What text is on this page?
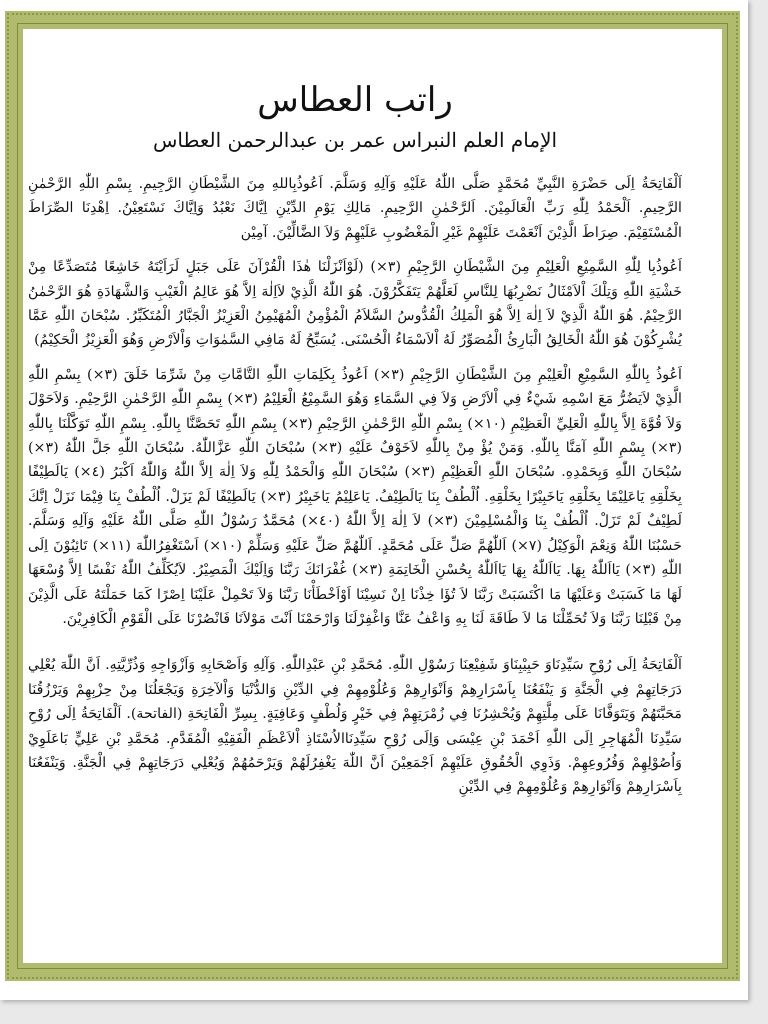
راتب العطاس
الإمام العلم النبراس عمر بن عبدالرحمن العطاس

اَلْفَاتِحَةُ اِلَى حَضْرَةِ النَّبِيِّ مُحَمَّدٍ صَلَّى اللّٰهُ عَلَيْهِ وَآلِهِ وَسَلَّمَ. اَعُوذُبِاللهِ مِنَ الشَّيْطَانِ الرَّجِيمِ. بِسْمِ اللّٰهِ الرَّحْمٰنِ الرَّحِيمِ. اَلْحَمْدُ لِلّٰهِ رَبِّ الْعَالَمِيْنَ. اَلرَّحْمٰنِ الرَّحِيمِ. مَالِكِ يَوْمِ الدِّيْنِ اِيَّاكَ نَعْبُدُ وَاِيَّاكَ نَسْتَعِيْنُ. اِهْدِنَا الصِّرَاطَ الْمُسْتَقِيْمَ. صِرَاطَ الَّذِيْنَ اَنْعَمْتَ عَلَيْهِمْ غَيْرِ الْمَغْضُوبِ عَلَيْهِمْ وَلاَ الضَّالِّيْنَ. آمِيْن

اَعُوذُبِا لِلّٰهِ السَّمِيْعِ الْعَلِيْمِ مِنَ الشَّيْطَانِ الرَّجِيْمِ (٣×) (لَوْاَنْزَلْنَا هٰذَا الْقُرْآنَ عَلَى جَبَلٍ لَرَاَيْتَهُ خَاشِعًا مُتَصَدِّعًا مِنْ خَشْيَةِ اللّٰهِ وَتِلْكَ اْلاَمْثَالُ نَضْرِبُهَا لِلنَّاسِ لَعَلَّهُمْ يَتَفَكَّرُوْنَ. هُوَ اللّٰهُ الَّذِيْ لاَاِلٰهَ اِلاَّ هُوَ عَالِمُ الْغَيْبِ وَالشَّهَادَةِ هُوَ الرَّحْمٰنُ الرَّحِيْمُ. هُوَ اللّٰهُ الَّذِيْ لاَ اِلٰهَ اِلاَّ هُوَ الْمَلِكُ الْقُدُّوسُ السَّلاَمُ الْمُؤْمِنُ الْمُهَيْمِنُ الْعَزِيْزُ الْجَبَّارُ الْمُتَكَبِّرُ. سُبْحَانَ اللّٰهِ عَمَّا يُشْرِكُوْنَ هُوَ اللّٰهُ الْخَالِقُ الْبَارِئُ الْمُصَوِّرُ لَهُ اْلاَسْمَاءُ الْحُسْنَى. يُسَبِّحُ لَهُ مَافِي السَّمٰوَاتِ وَاْلاَرْضِ وَهُوَ الْعَزِيْزُ الْحَكِيْمُ)

اَعُوذُ بِاللّٰهِ السَّمِيْعِ الْعَلِيْمِ مِنَ الشَّيْطَانِ الرَّجِيْمِ (٣×) اَعُوذُ بِكَلِمَاتِ اللّٰهِ التَّامَّاتِ مِنْ شَرِّمَا خَلَقَ (٣×) بِسْمِ اللّٰهِ الَّذِيْ لاَيَضُرُّ مَعَ اسْمِهِ شَيْءٌ فِي اْلاَرْضِ وَلاَ فِي السَّمَاءِ وَهُوَ السَّمِيْعُ الْعَلِيْمُ (٣×) بِسْمِ اللّٰهِ الرَّحْمٰنِ الرَّحِيْمِ. وَلاَحَوْلَ وَلاَ قُوَّةَ اِلاَّ بِاللّٰهِ الْعَلِيِّ الْعَظِيْمِ (١٠×) بِسْمِ اللّٰهِ الرَّحْمٰنِ الرَّحِيْمِ (٣×) بِسْمِ اللّٰهِ تَحَصَّنَّا بِاللّٰهِ. بِسْمِ اللّٰهِ تَوَكَّلْنَا بِاللّٰهِ (٣×) بِسْمِ اللّٰهِ آمَنَّا بِاللّٰهِ. وَمَنْ يُؤْ مِنْ بِاللّٰهِ لاَخَوْفٌ عَلَيْهِ (٣×) سُبْحَانَ اللّٰهِ عَزَّاللّٰهُ. سُبْحَانَ اللّٰهِ جَلَّ اللّٰهُ (٣×) سُبْحَانَ اللّٰهِ وَبِحَمْدِهِ. سُبْحَانَ اللّٰهِ الْعَظِيْمِ (٣×) سُبْحَانَ اللّٰهِ وَالْحَمْدُ لِلّٰهِ وَلاَ اِلٰهَ اِلاَّ اللّٰهُ وَاللّٰهُ اَكْبَرُ (٤×) يَالَطِيْفًا بِخَلْقِهِ يَاعَلِيْمًا بِخَلْقِهِ يَاخَبِيْرًا بِخَلْقِهِ. اُلْطُفْ بِنَا يَالَطِيْفُ. يَاعَلِيْمُ يَاخَبِيْرُ (٣×) يَالَطِيْفًا لَمْ يَزَلْ. اُلْطُفْ بِنَا فِيْمَا نَزَلْ اِنَّكَ لَطِيْفٌ لَمْ تَزَلْ. اُلْطُفْ بِنَا وَالْمُسْلِمِيْنَ (٣×) لاَ اِلٰهَ اِلاَّ اللّٰهُ (٤٠×) مُحَمَّدٌ رَسُوْلُ اللّٰهِ صَلَّى اللّٰهُ عَلَيْهِ وَآلِهِ وَسَلَّمَ. حَسْبُنَا اللّٰهُ وَنِعْمَ الْوَكِيْلُ (٧×) اَللّٰهُمَّ صَلِّ عَلَى مُحَمَّدٍ. اَللّٰهُمَّ صَلِّ عَلَيْهِ وَسَلِّمْ (١٠×) اَسْتَغْفِرُاللّٰهَ (١١×) تَائِبُوْنَ اِلَى اللّٰهِ (٣×) يَااَللّٰهُ بِهَا. يَااَللّٰهُ بِهَا يَااَللّٰهُ بِحُسْنِ الْخَاتِمَةِ (٣×) غُفْرَانَكَ رَبَّنَا وَاِلَيْكَ الْمَصِيْرُ. لاَيُكَلِّفُ اللّٰهُ نَفْسًا اِلاَّ وُسْعَهَا لَهَا مَا كَسَبَتْ وَعَلَيْهَا مَا اكْتَسَبَتْ رَبَّنَا لاَ تُؤَا خِذْنَا اِنْ نَسِيْنَا اَوْاَخْطَأْنَا رَبَّنَا وَلاَ تَحْمِلْ عَلَيْنَا اِصْرًا كَمَا حَمَلْتَهُ عَلَى الَّذِيْنَ مِنْ قَبْلِنَا رَبَّنَا وَلاَ تُحَمِّلْنَا مَا لاَ طَاقَةَ لَنَا بِهِ وَاعْفُ عَنَّا وَاغْفِرْلَنَا وَارْحَمْنَا اَنْتَ مَوْلاَنَا فَانْصُرْنَا عَلَى الْقَوْمِ الْكَافِرِيْنَ.

اَلْفَاتِحَةُ اِلَى رُوْحِ سَيِّدِنَاوَ حَبِيْبِنَاوَ شَفِيْعِنَا رَسُوْلِ اللّٰهِ. مُحَمَّدِ بْنِ عَبْدِاللّٰهِ. وَآلِهِ وَاَصْحَابِهِ وَاَزْوَاجِهِ وَذُرِّيَّتِهِ. اَنَّ اللّٰهَ يُعْلِي دَرَجَاتِهِمْ فِي الْجَنَّةِ وَ يَنْفَعُنَا بِاَسْرَارِهِمْ وَاَنْوَارِهِمْ وَعُلُوْمِهِمْ فِي الدِّيْنِ وَالدُّنْيَا وَاْلآخِرَةِ وَيَجْعَلُنَا مِنْ حِزْبِهِمْ وَيَرْزُقُنَا مَحَبَّتَهُمْ وَيَتَوَفَّانَا عَلَى مِلَّتِهِمْ وَيُحْشِرُنَا فِي زُمْرَتِهِمْ فِي خَيْرٍ وَلُطْفٍ وَعَافِيَةٍ. بِسِرِّ الْفَاتِحَةِ (الفاتحة). اَلْفَاتِحَةُ اِلَى رُوْحِ سَيِّدِنَا الْمُهَاجِرِ اِلَى اللّٰهِ اَحْمَدَ بْنِ عِيْسَى وَاِلَى رُوْحِ سَيِّدِنَاالاُسْتَاذِ اْلاَعْظَمِ الْفَقِيْهِ الْمُقَدَّمِ. مُحَمَّدِ بْنِ عَلِيٍّ بَاعَلَوِيْ وَاُصُوْلِهِمْ وَفُرُوعِهِمْ. وَذَوِي الْحُقُوقِ عَلَيْهِمْ اَجْمَعِيْنَ اَنَّ اللّٰهَ يَغْفِرُلَهُمْ وَيَرْحَمُهُمْ وَيُعْلِي دَرَجَاتِهِمْ فِي الْجَنَّةِ. وَيَنْفَعُنَا بِاَسْرَارِهِمْ وَاَنْوَارِهِمْ وَعُلُوْمِهِمْ فِي الدِّيْنِ
